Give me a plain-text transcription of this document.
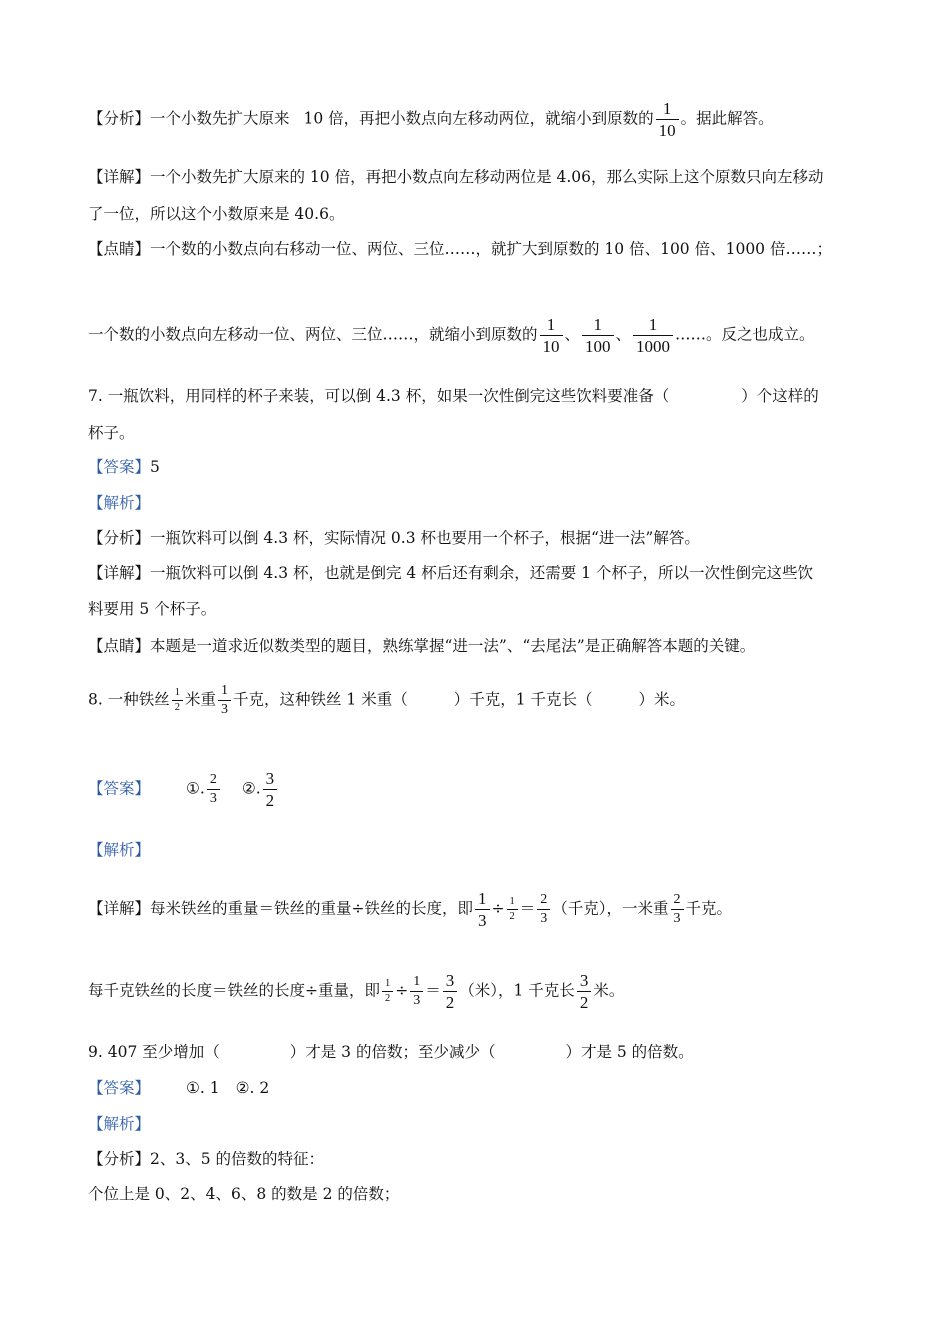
【分析】一个小数先扩大原来 10 倍，再把小数点向左移动两位，就缩小到原数的 $\frac{1}{10}$ 。据此解答。
【详解】一个小数先扩大原来的 10 倍，再把小数点向左移动两位是 4.06，那么实际上这个原数只向左移动
了一位，所以这个小数原来是 40.6。
【点睛】一个数的小数点向右移动一位、两位、三位……，就扩大到原数的 10 倍、100 倍、1000 倍……；
一个数的小数点向左移动一位、两位、三位……，就缩小到原数的 $\frac{1}{10}$ 、 $\frac{1}{100}$ 、 $\frac{1}{1000}$ ……。反之也成立。
7. 一瓶饮料，用同样的杯子来装，可以倒 4.3 杯，如果一次性倒完这些饮料要准备（	）个这样的
杯子。
【答案】5
【解析】
【分析】一瓶饮料可以倒 4.3 杯，实际情况 0.3 杯也要用一个杯子，根据“进一法”解答。
【详解】一瓶饮料可以倒 4.3 杯，也就是倒完 4 杯后还有剩余，还需要 1 个杯子，所以一次性倒完这些饮
料要用 5 个杯子。
【点睛】本题是一道求近似数类型的题目，熟练掌握“进一法”、“去尾法”是正确解答本题的关键。
8. 一种铁丝 $\frac{1}{2}$ 米重 $\frac{1}{3}$ 千克，这种铁丝 1 米重（	）千克，1 千克长（	）米。
【答案】 ①. $\frac{2}{3}$ ②. $\frac{3}{2}$
【解析】
【详解】每米铁丝的重量＝铁丝的重量÷铁丝的长度，即 $\frac{1}{3} \div \frac{1}{2} = \frac{2}{3}$ （千克），一米重 $\frac{2}{3}$ 千克。
每千克铁丝的长度＝铁丝的长度÷重量，即 $\frac{1}{2} \div \frac{1}{3} = \frac{3}{2}$ （米），1 千克长 $\frac{3}{2}$ 米。
9. 407 至少增加（	）才是 3 的倍数；至少减少（	）才是 5 的倍数。
【答案】 ①. 1 ②. 2
【解析】
【分析】2、3、5 的倍数的特征：
个位上是 0、2、4、6、8 的数是 2 的倍数；
